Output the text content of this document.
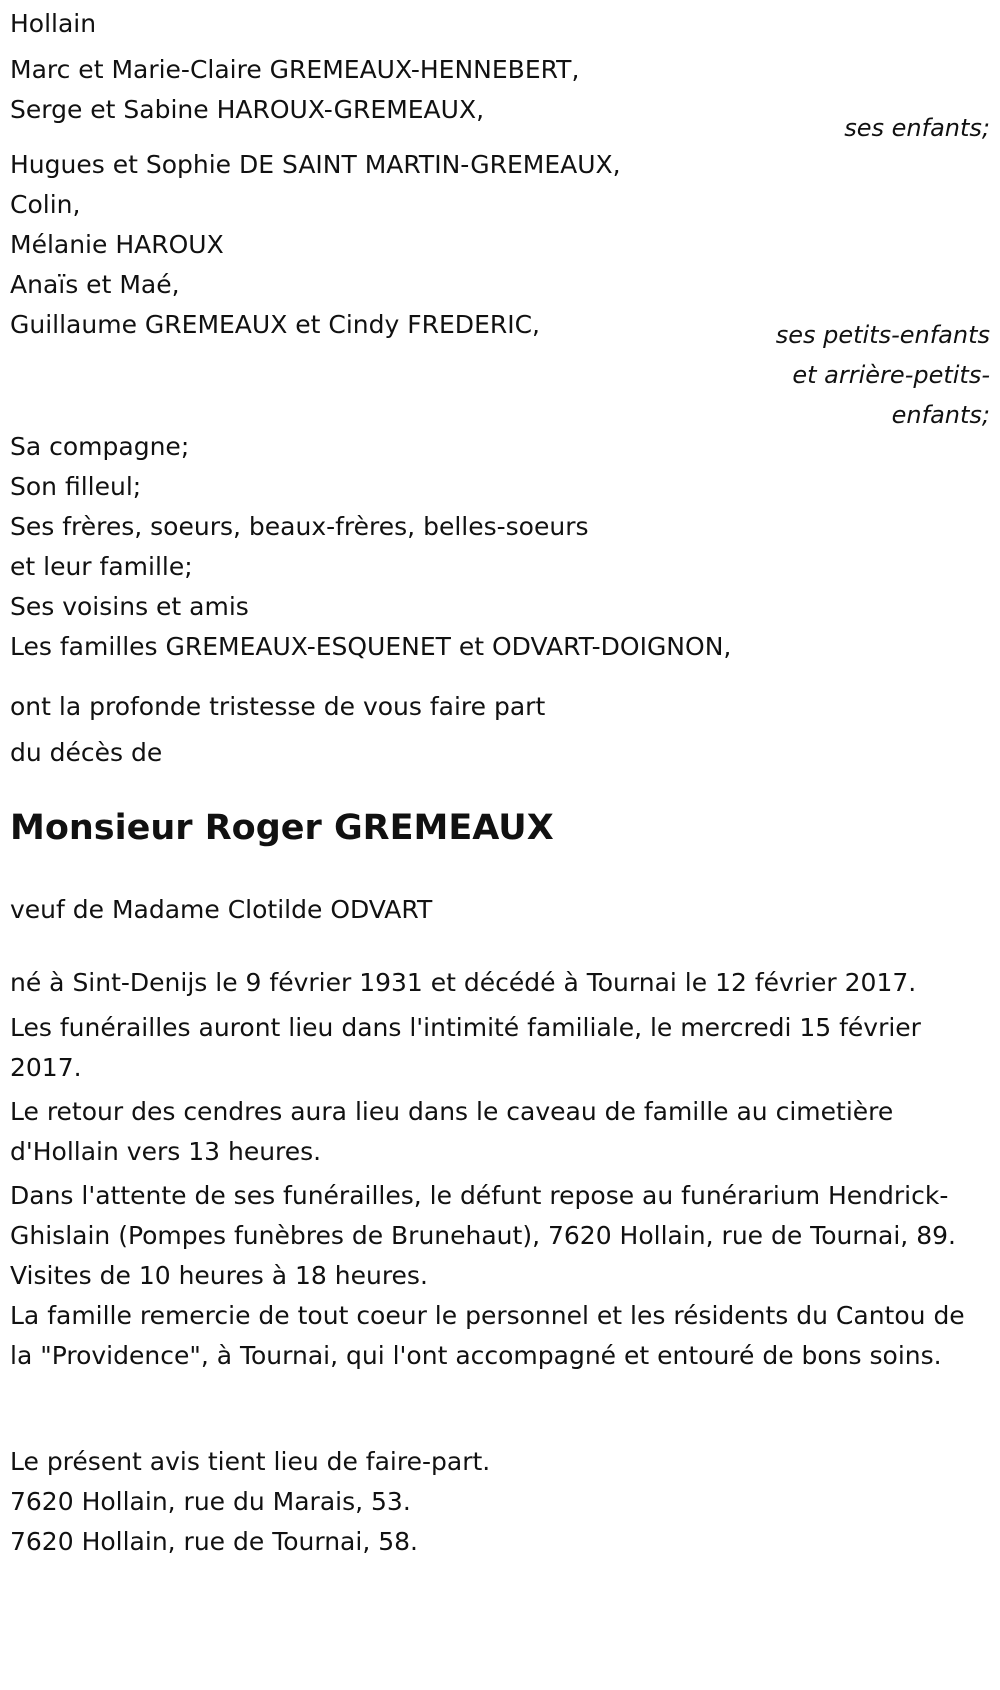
Hollain

Marc et Marie-Claire GREMEAUX-HENNEBERT,

Serge et Sabine HAROUX-GREMEAUX,

ses enfants;

Hugues et Sophie DE SAINT MARTIN-GREMEAUX,

Colin,

Mélanie HAROUX

Anaïs et Maé,

Guillaume GREMEAUX et Cindy FREDERIC,	ses petits-enfants

et arrière-petits-

enfants;

Sa compagne;

Son filleul;

Ses frères, soeurs, beaux-frères, belles-soeurs

et leur famille;

Ses voisins et amis

Les familles GREMEAUX-ESQUENET et ODVART-DOIGNON,

ont la profonde tristesse de vous faire part

du décès de

Monsieur Roger GREMEAUX

veuf de Madame Clotilde ODVART

né à Sint-Denijs le 9 février 1931 et décédé à Tournai le 12 février 2017.

Les funérailles auront lieu dans l'intimité familiale, le mercredi 15 février 2017.

Le retour des cendres aura lieu dans le caveau de famille au cimetière d'Hollain vers 13 heures.

Dans l'attente de ses funérailles, le défunt repose au funérarium Hendrick-Ghislain (Pompes funèbres de Brunehaut), 7620 Hollain, rue de Tournai, 89. Visites de 10 heures à 18 heures.

La famille remercie de tout coeur le personnel et les résidents du Cantou de la "Providence", à Tournai, qui l'ont accompagné et entouré de bons soins.

Le présent avis tient lieu de faire-part.

7620 Hollain, rue du Marais, 53.

7620 Hollain, rue de Tournai, 58.
